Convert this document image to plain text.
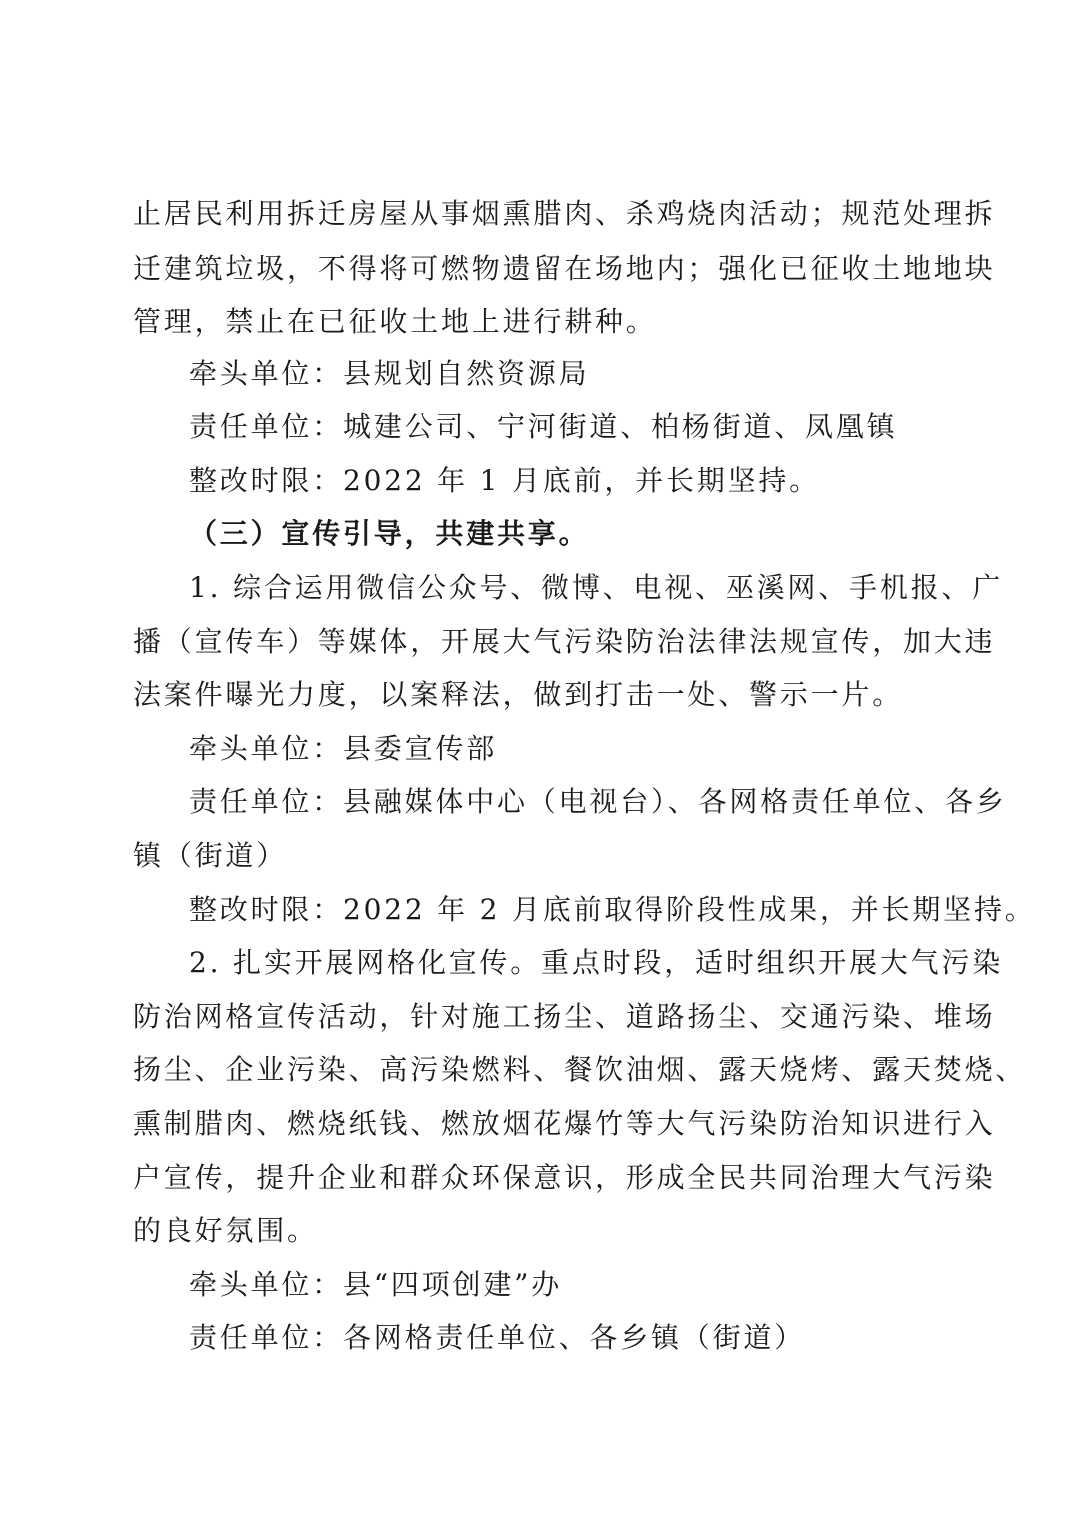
止居民利用拆迁房屋从事烟熏腊肉、杀鸡烧肉活动；规范处理拆
迁建筑垃圾，不得将可燃物遗留在场地内；强化已征收土地地块
管理，禁止在已征收土地上进行耕种。
牵头单位：县规划自然资源局
责任单位：城建公司、宁河街道、柏杨街道、凤凰镇
整改时限：2022 年 1 月底前，并长期坚持。
（三）宣传引导，共建共享。
1. 综合运用微信公众号、微博、电视、巫溪网、手机报、广
播（宣传车）等媒体，开展大气污染防治法律法规宣传，加大违
法案件曝光力度，以案释法，做到打击一处、警示一片。
牵头单位：县委宣传部
责任单位：县融媒体中心（电视台）、各网格责任单位、各乡
镇（街道）
整改时限：2022 年 2 月底前取得阶段性成果，并长期坚持。
2. 扎实开展网格化宣传。重点时段，适时组织开展大气污染
防治网格宣传活动，针对施工扬尘、道路扬尘、交通污染、堆场
扬尘、企业污染、高污染燃料、餐饮油烟、露天烧烤、露天焚烧、
熏制腊肉、燃烧纸钱、燃放烟花爆竹等大气污染防治知识进行入
户宣传，提升企业和群众环保意识，形成全民共同治理大气污染
的良好氛围。
牵头单位：县“四项创建”办
责任单位：各网格责任单位、各乡镇（街道）
